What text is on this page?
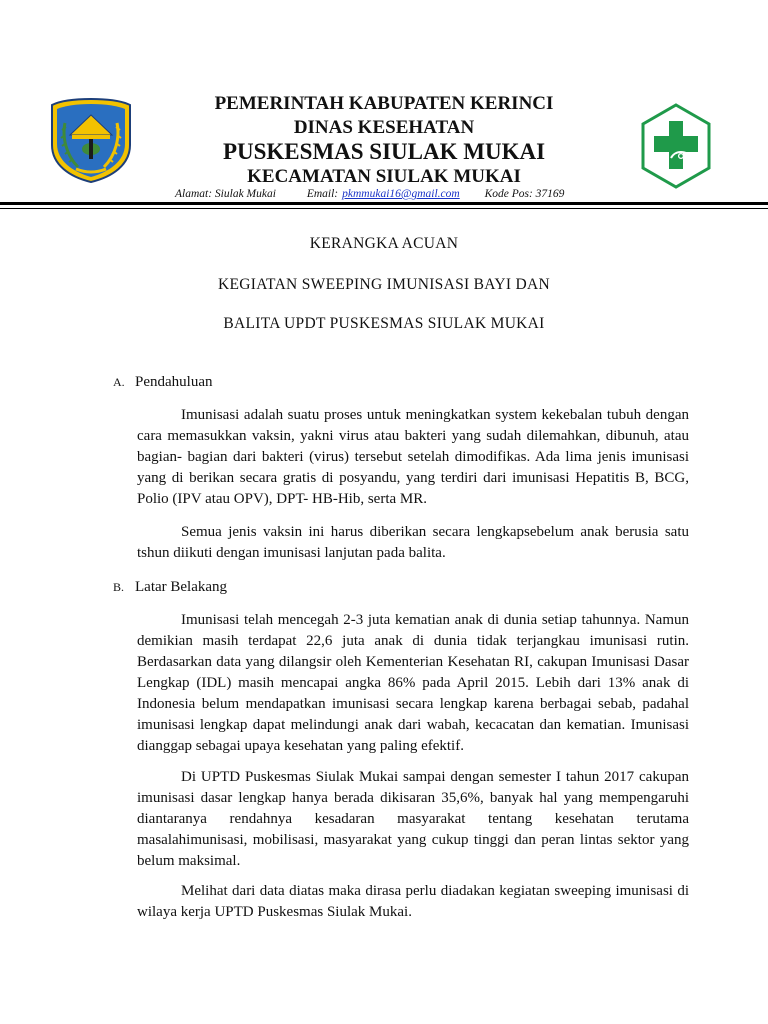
PEMERINTAH KABUPATEN KERINCI
DINAS KESEHATAN
PUSKESMAS SIULAK MUKAI
KECAMATAN SIULAK MUKAI
Alamat: Siulak Mukai	Email: pkmmukai16@gmail.com Kode Pos: 37169
KERANGKA ACUAN
KEGIATAN SWEEPING IMUNISASI BAYI DAN
BALITA UPDT PUSKESMAS SIULAK MUKAI
A. Pendahuluan

Imunisasi adalah suatu proses untuk meningkatkan system kekebalan tubuh dengan cara memasukkan vaksin, yakni virus atau bakteri yang sudah dilemahkan, dibunuh, atau bagian- bagian dari bakteri (virus) tersebut setelah dimodifikas. Ada lima jenis imunisasi yang di berikan secara gratis di posyandu, yang terdiri dari imunisasi Hepatitis B, BCG, Polio (IPV atau OPV), DPT- HB-Hib, serta MR.

Semua jenis vaksin ini harus diberikan secara lengkapsebelum anak berusia satu tshun diikuti dengan imunisasi lanjutan pada balita.

B. Latar Belakang

Imunisasi telah mencegah 2-3 juta kematian anak di dunia setiap tahunnya. Namun demikian masih terdapat 22,6 juta anak di dunia tidak terjangkau imunisasi rutin. Berdasarkan data yang dilangsir oleh Kementerian Kesehatan RI, cakupan Imunisasi Dasar Lengkap (IDL) masih mencapai angka 86% pada April 2015. Lebih dari 13% anak di Indonesia belum mendapatkan imunisasi secara lengkap karena berbagai sebab, padahal imunisasi lengkap dapat melindungi anak dari wabah, kecacatan dan kematian. Imunisasi dianggap sebagai upaya kesehatan yang paling efektif.

Di UPTD Puskesmas Siulak Mukai sampai dengan semester I tahun 2017 cakupan imunisasi dasar lengkap hanya berada dikisaran 35,6%, banyak hal yang mempengaruhi diantaranya rendahnya kesadaran masyarakat tentang kesehatan terutama masalahimunisasi, mobilisasi, masyarakat yang cukup tinggi dan peran lintas sektor yang belum maksimal.

Melihat dari data diatas maka dirasa perlu diadakan kegiatan sweeping imunisasi di wilaya kerja UPTD Puskesmas Siulak Mukai.
